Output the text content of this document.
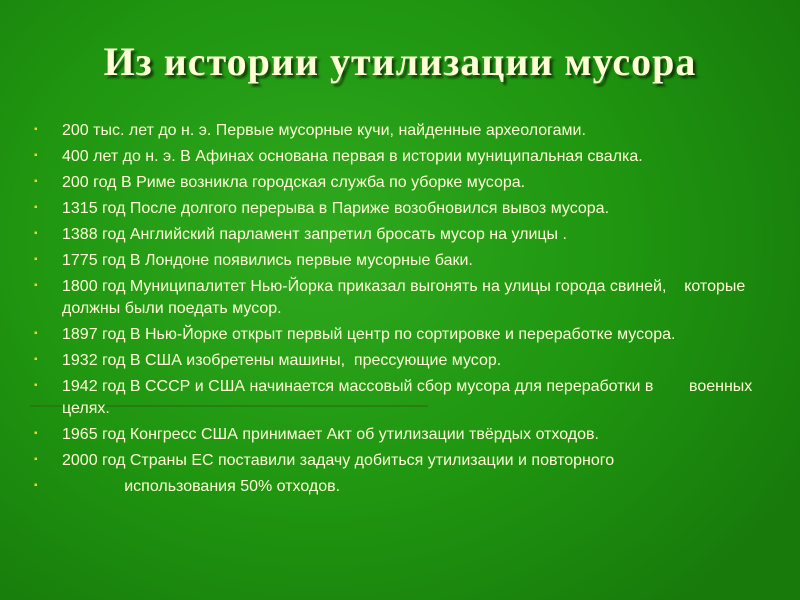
Из истории утилизации мусора
▪ 200 тыс. лет до н. э. Первые мусорные кучи, найденные археологами.
▪ 400 лет до н. э. В Афинах основана первая в истории муниципальная свалка.
▪ 200 год В Риме возникла городская служба по уборке мусора.
▪ 1315 год После долгого перерыва в Париже возобновился вывоз мусора.
▪ 1388 год Английский парламент запретил бросать мусор на улицы .
▪ 1775 год В Лондоне появились первые мусорные баки.
▪ 1800 год Муниципалитет Нью-Йорка приказал выгонять на улицы города свиней,    которые должны были поедать мусор.
▪ 1897 год В Нью-Йорке открыт первый центр по сортировке и переработке мусора.
▪ 1932 год В США изобретены машины,  прессующие мусор.
▪ 1942 год В СССР и США начинается массовый сбор мусора для переработки в        военных целях.
▪ 1965 год Конгресс США принимает Акт об утилизации твёрдых отходов.
▪ 2000 год Страны ЕС поставили задачу добиться утилизации и повторного
▪ использования 50% отходов.
